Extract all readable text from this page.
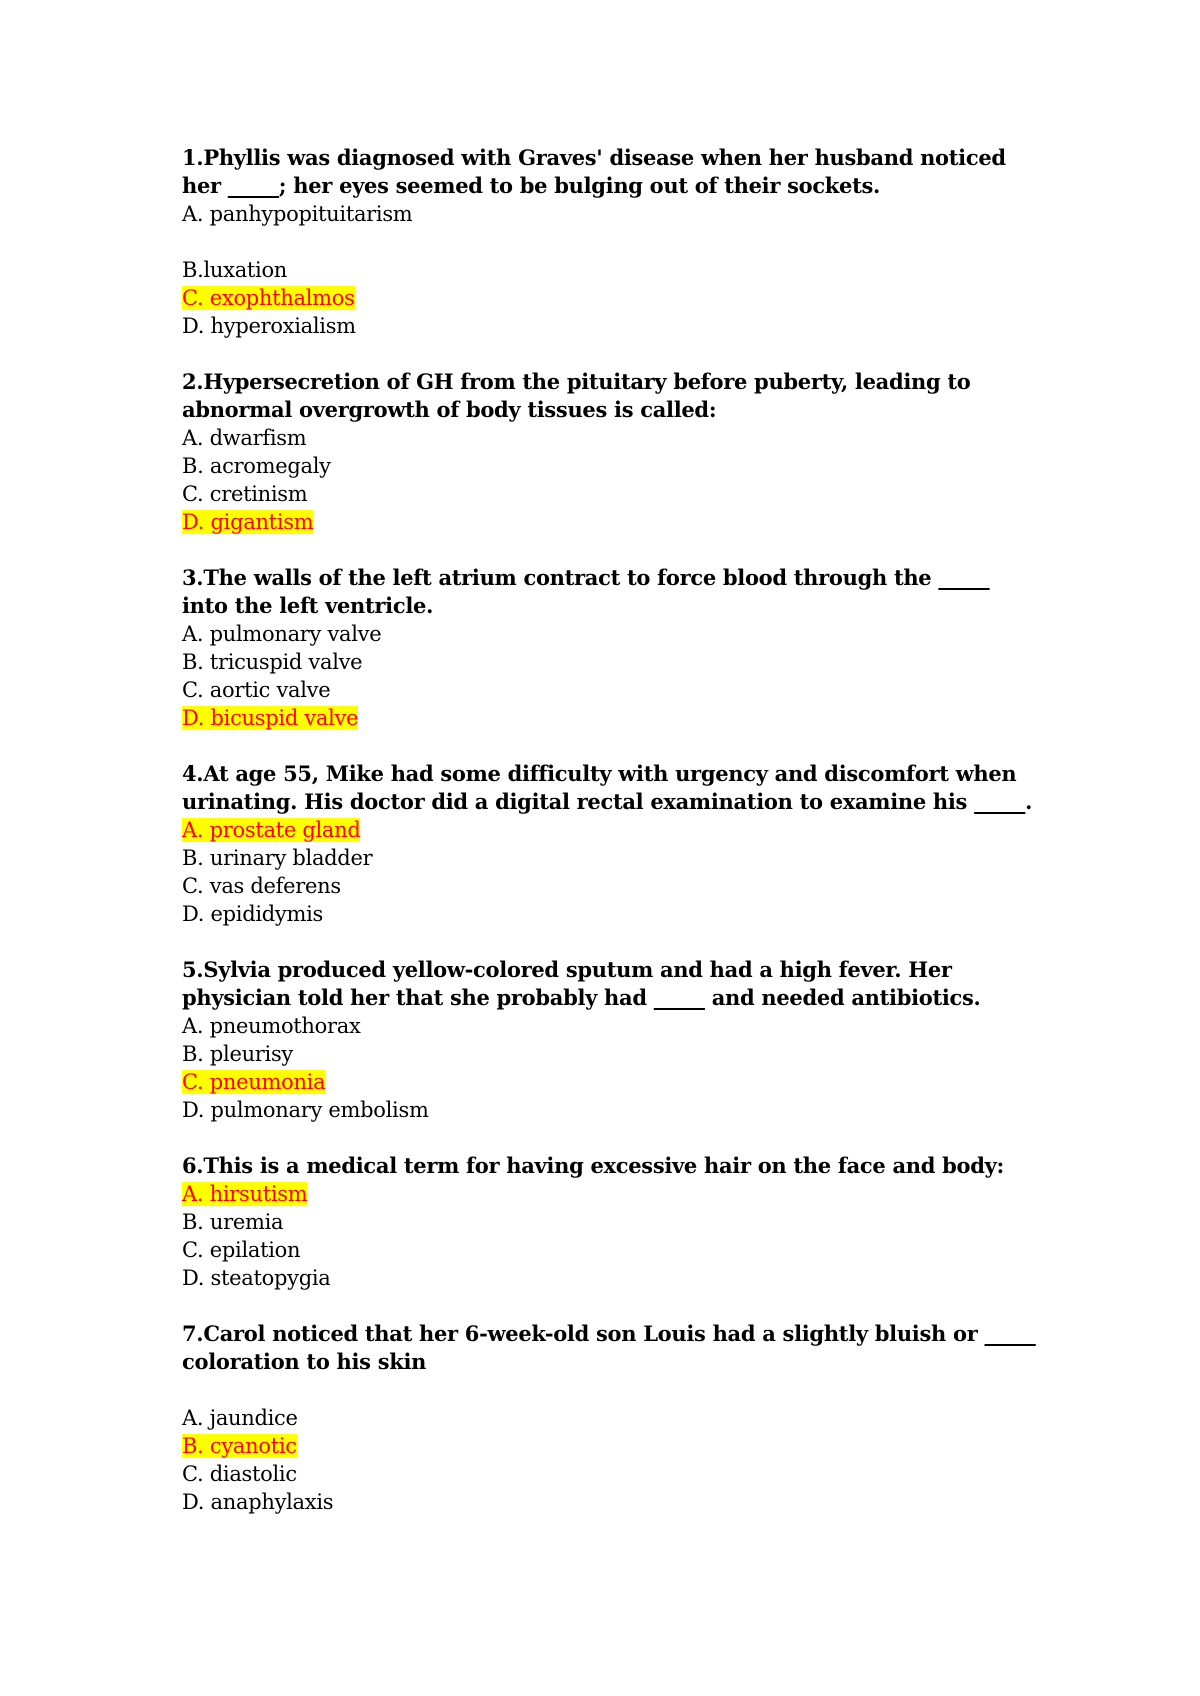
1.Phyllis was diagnosed with Graves' disease when her husband noticed her _____; her eyes seemed to be bulging out of their sockets.

A. panhypopituitarism

B.luxation

C. exophthalmos

D. hyperoxialism

2.Hypersecretion of GH from the pituitary before puberty, leading to abnormal overgrowth of body tissues is called:

A. dwarfism

B. acromegaly

C. cretinism

D. gigantism

3.The walls of the left atrium contract to force blood through the _____ into the left ventricle.

A. pulmonary valve

B. tricuspid valve

C. aortic valve

D. bicuspid valve

4.At age 55, Mike had some difficulty with urgency and discomfort when urinating. His doctor did a digital rectal examination to examine his _____.

A. prostate gland

B. urinary bladder

C. vas deferens

D. epididymis

5.Sylvia produced yellow-colored sputum and had a high fever. Her physician told her that she probably had _____ and needed antibiotics.

A. pneumothorax

B. pleurisy

C. pneumonia

D. pulmonary embolism

6.This is a medical term for having excessive hair on the face and body:

A. hirsutism

B. uremia

C. epilation

D. steatopygia

7.Carol noticed that her 6-week-old son Louis had a slightly bluish or _____ coloration to his skin

A. jaundice

B. cyanotic

C. diastolic

D. anaphylaxis
